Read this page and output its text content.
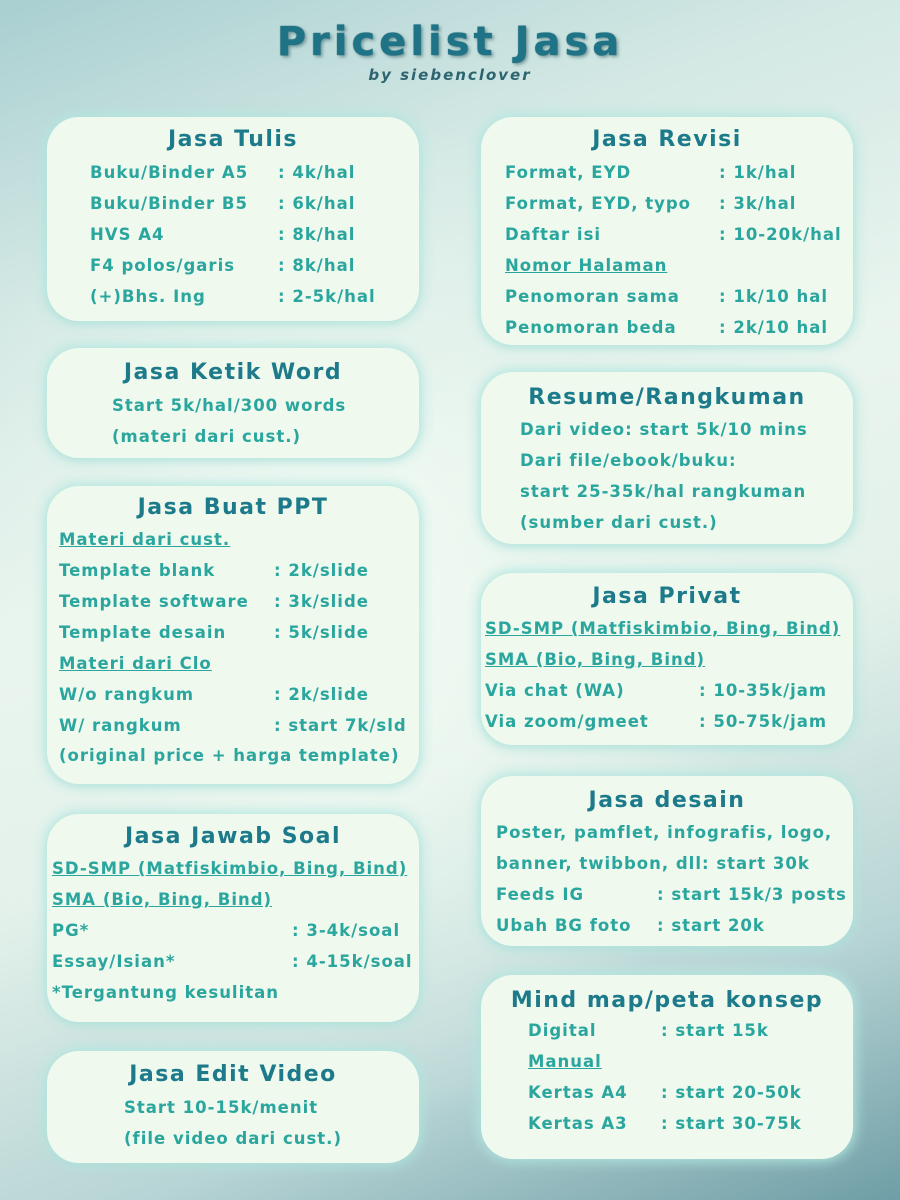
Pricelist Jasa
by siebenclover
Jasa Tulis
Buku/Binder A5 : 4k/hal
Buku/Binder B5 : 6k/hal
HVS A4	: 8k/hal
F4 polos/garis	: 8k/hal
(+)Bhs. Ing	: 2-5k/hal
Jasa Ketik Word
Start 5k/hal/300 words
(materi dari cust.)
Jasa Buat PPT
Materi dari cust.
Template blank	: 2k/slide
Template software : 3k/slide
Template desain	: 5k/slide
Materi dari Clo
W/o rangkum	: 2k/slide
W/ rangkum	: start 7k/sld
(original price + harga template)
Jasa Jawab Soal
SD-SMP (Matfiskimbio, Bing, Bind)
SMA (Bio, Bing, Bind)
PG*	: 3-4k/soal
Essay/Isian*	: 4-15k/soal
*Tergantung kesulitan
Jasa Edit Video
Start 10-15k/menit
(file video dari cust.)
Jasa Revisi
Format, EYD	: 1k/hal
Format, EYD, typo : 3k/hal
Daftar isi	: 10-20k/hal
Nomor Halaman
Penomoran sama : 1k/10 hal
Penomoran beda	: 2k/10 hal
Resume/Rangkuman
Dari video: start 5k/10 mins
Dari file/ebook/buku:
start 25-35k/hal rangkuman
(sumber dari cust.)
Jasa Privat
SD-SMP (Matfiskimbio, Bing, Bind)
SMA (Bio, Bing, Bind)
Via chat (WA)	: 10-35k/jam
Via zoom/gmeet	: 50-75k/jam
Jasa desain
Poster, pamflet, infografis, logo,
banner, twibbon, dll: start 30k
Feeds IG	: start 15k/3 posts
Ubah BG foto : start 20k
Mind map/peta konsep
Digital	: start 15k
Manual
Kertas A4 : start 20-50k
Kertas A3 : start 30-75k
